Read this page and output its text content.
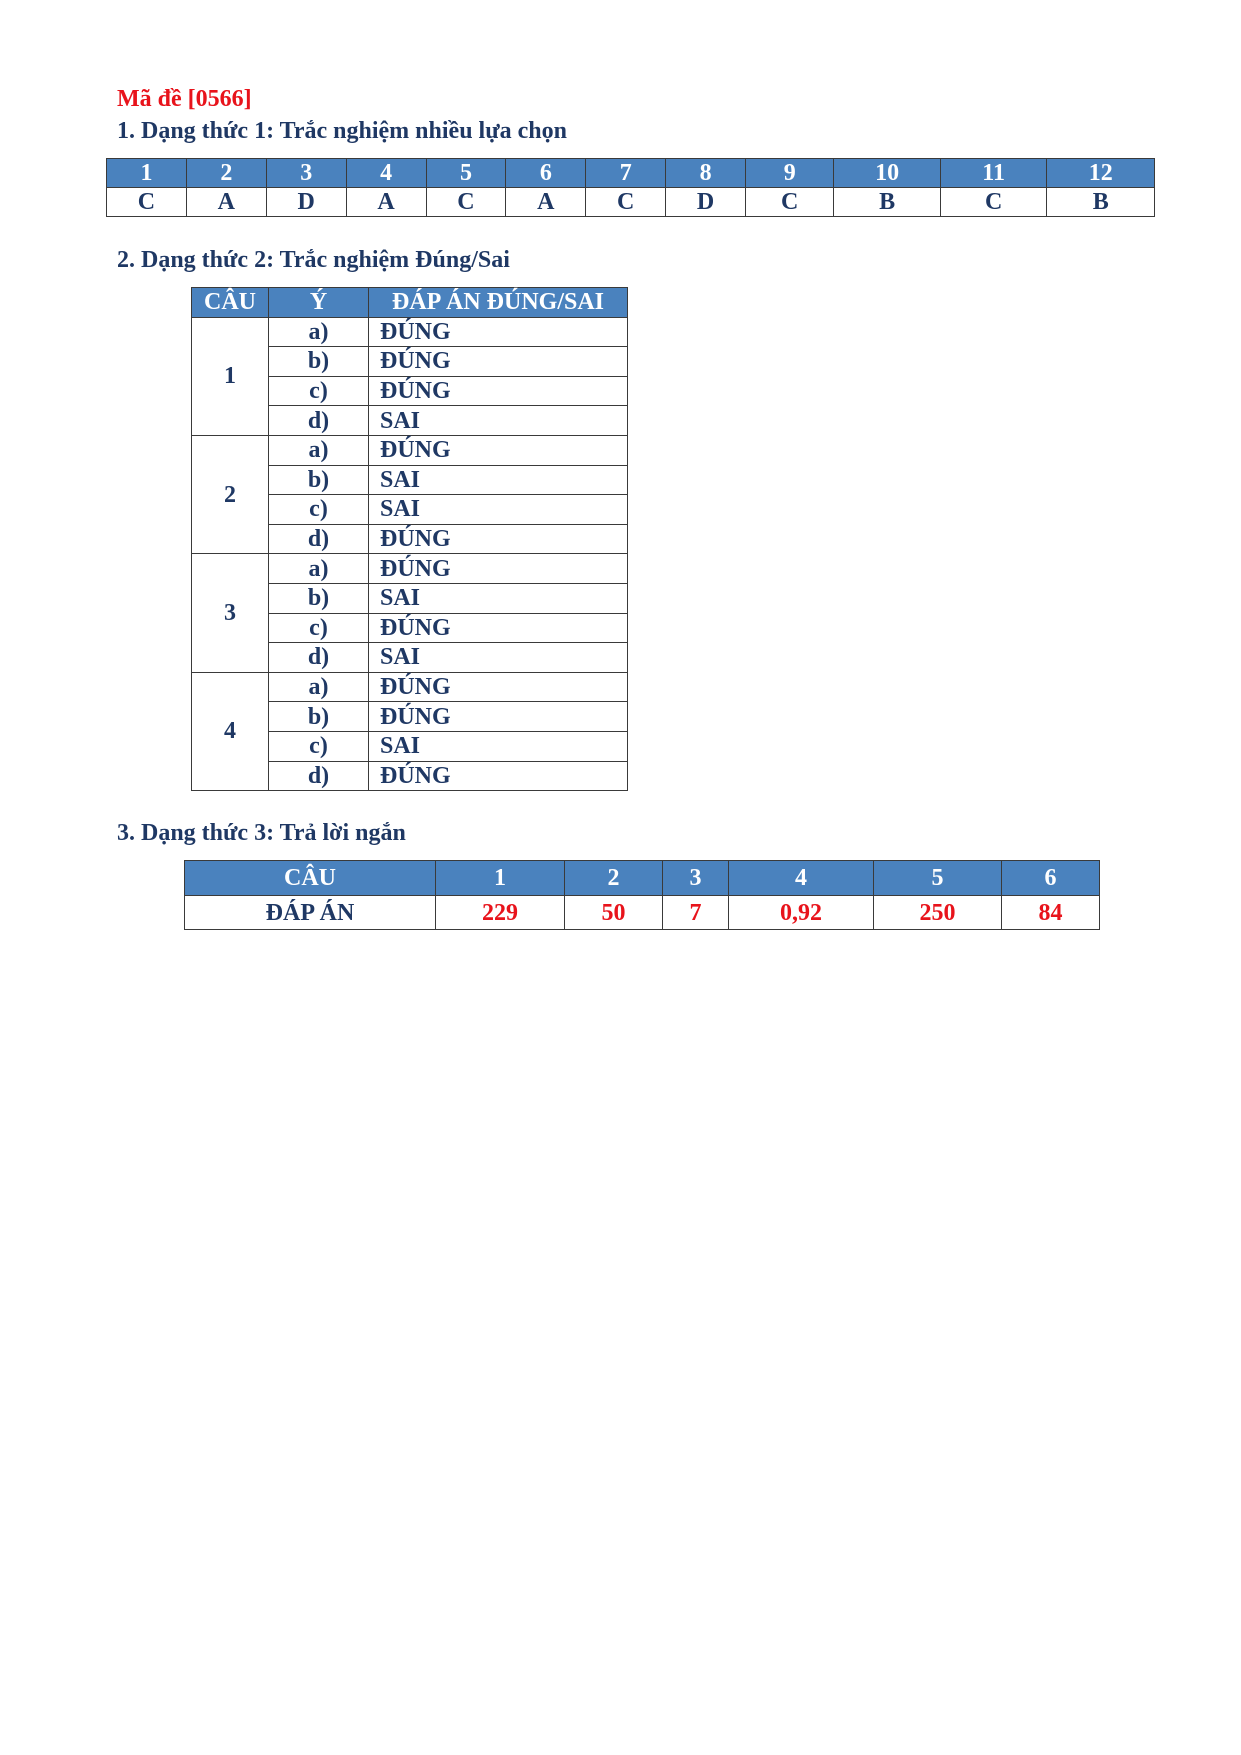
Mã đề [0566]
1. Dạng thức 1: Trắc nghiệm nhiều lựa chọn
1	2	3	4	5	6	7	8	9	10	11	12
C	A	D	A	C	A	C	D	C	B	C	B
2. Dạng thức 2: Trắc nghiệm Đúng/Sai
CÂU	Ý	ĐÁP ÁN ĐÚNG/SAI
1	a)	ĐÚNG
	b)	ĐÚNG
	c)	ĐÚNG
	d)	SAI
2	a)	ĐÚNG
	b)	SAI
	c)	SAI
	d)	ĐÚNG
3	a)	ĐÚNG
	b)	SAI
	c)	ĐÚNG
	d)	SAI
4	a)	ĐÚNG
	b)	ĐÚNG
	c)	SAI
	d)	ĐÚNG
3. Dạng thức 3: Trả lời ngắn
CÂU	1	2	3	4	5	6
ĐÁP ÁN	229	50	7	0,92	250	84
